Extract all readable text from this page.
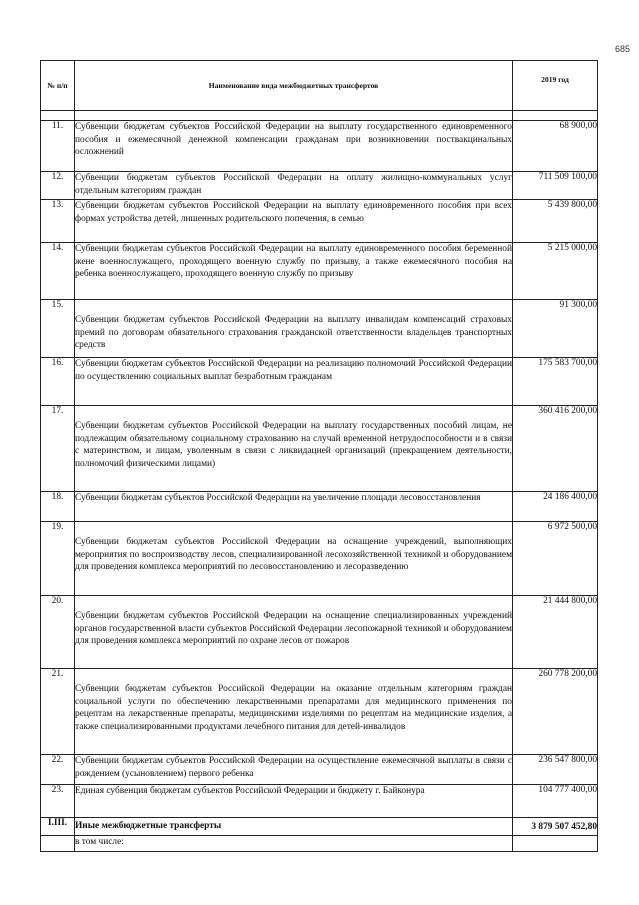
685
№ п/п	Наименование вида межбюджетных трансфертов	2019 год

11.	Субвенции бюджетам субъектов Российской Федерации на выплату государственного единовременного пособия и ежемесячной денежной компенсации гражданам при возникновении поствакцинальных осложнений	68 900,00
12.	Субвенции бюджетам субъектов Российской Федерации на оплату жилищно-коммунальных услуг отдельным категориям граждан	711 509 100,00
13.	Субвенции бюджетам субъектов Российской Федерации на выплату единовременного пособия при всех формах устройства детей, лишенных родительского попечения, в семью	5 439 800,00
14.	Субвенции бюджетам субъектов Российской Федерации на выплату единовременного пособия беременной жене военнослужащего, проходящего военную службу по призыву, а также ежемесячного пособия на ребенка военнослужащего, проходящего военную службу по призыву	5 215 000,00
15.	Субвенции бюджетам субъектов Российской Федерации на выплату инвалидам компенсаций страховых премий по договорам обязательного страхования гражданской ответственности владельцев транспортных средств	91 300,00
16.	Субвенции бюджетам субъектов Российской Федерации на реализацию полномочий Российской Федерации по осуществлению социальных выплат безработным гражданам	175 583 700,00
17.	Субвенции бюджетам субъектов Российской Федерации на выплату государственных пособий лицам, не подлежащим обязательному социальному страхованию на случай временной нетрудоспособности и в связи с материнством, и лицам, уволенным в связи с ликвидацией организаций (прекращением деятельности, полномочий физическими лицами)	360 416 200,00
18.	Субвенции бюджетам субъектов Российской Федерации на увеличение площади лесовосстановления	24 186 400,00
19.	Субвенции бюджетам субъектов Российской Федерации на оснащение учреждений, выполняющих мероприятия по воспроизводству лесов, специализированной лесохозяйственной техникой и оборудованием для проведения комплекса мероприятий по лесовосстановлению и лесоразведению	6 972 500,00
20.	Субвенции бюджетам субъектов Российской Федерации на оснащение специализированных учреждений органов государственной власти субъектов Российской Федерации лесопожарной техникой и оборудованием для проведения комплекса мероприятий по охране лесов от пожаров	21 444 800,00
21.	Субвенции бюджетам субъектов Российской Федерации на оказание отдельным категориям граждан социальной услуги по обеспечению лекарственными препаратами для медицинского применения по рецептам на лекарственные препараты, медицинскими изделиями по рецептам на медицинские изделия, а также специализированными продуктами лечебного питания для детей-инвалидов	260 778 200,00
22.	Субвенции бюджетам субъектов Российской Федерации на осуществление ежемесячной выплаты в связи с рождением (усыновлением) первого ребенка	236 547 800,00
23.	Единая субвенция бюджетам субъектов Российской Федерации и бюджету г. Байконура	104 777 400,00
I.III.	Иные межбюджетные трансферты	3 879 507 452,80
	в том числе:	
